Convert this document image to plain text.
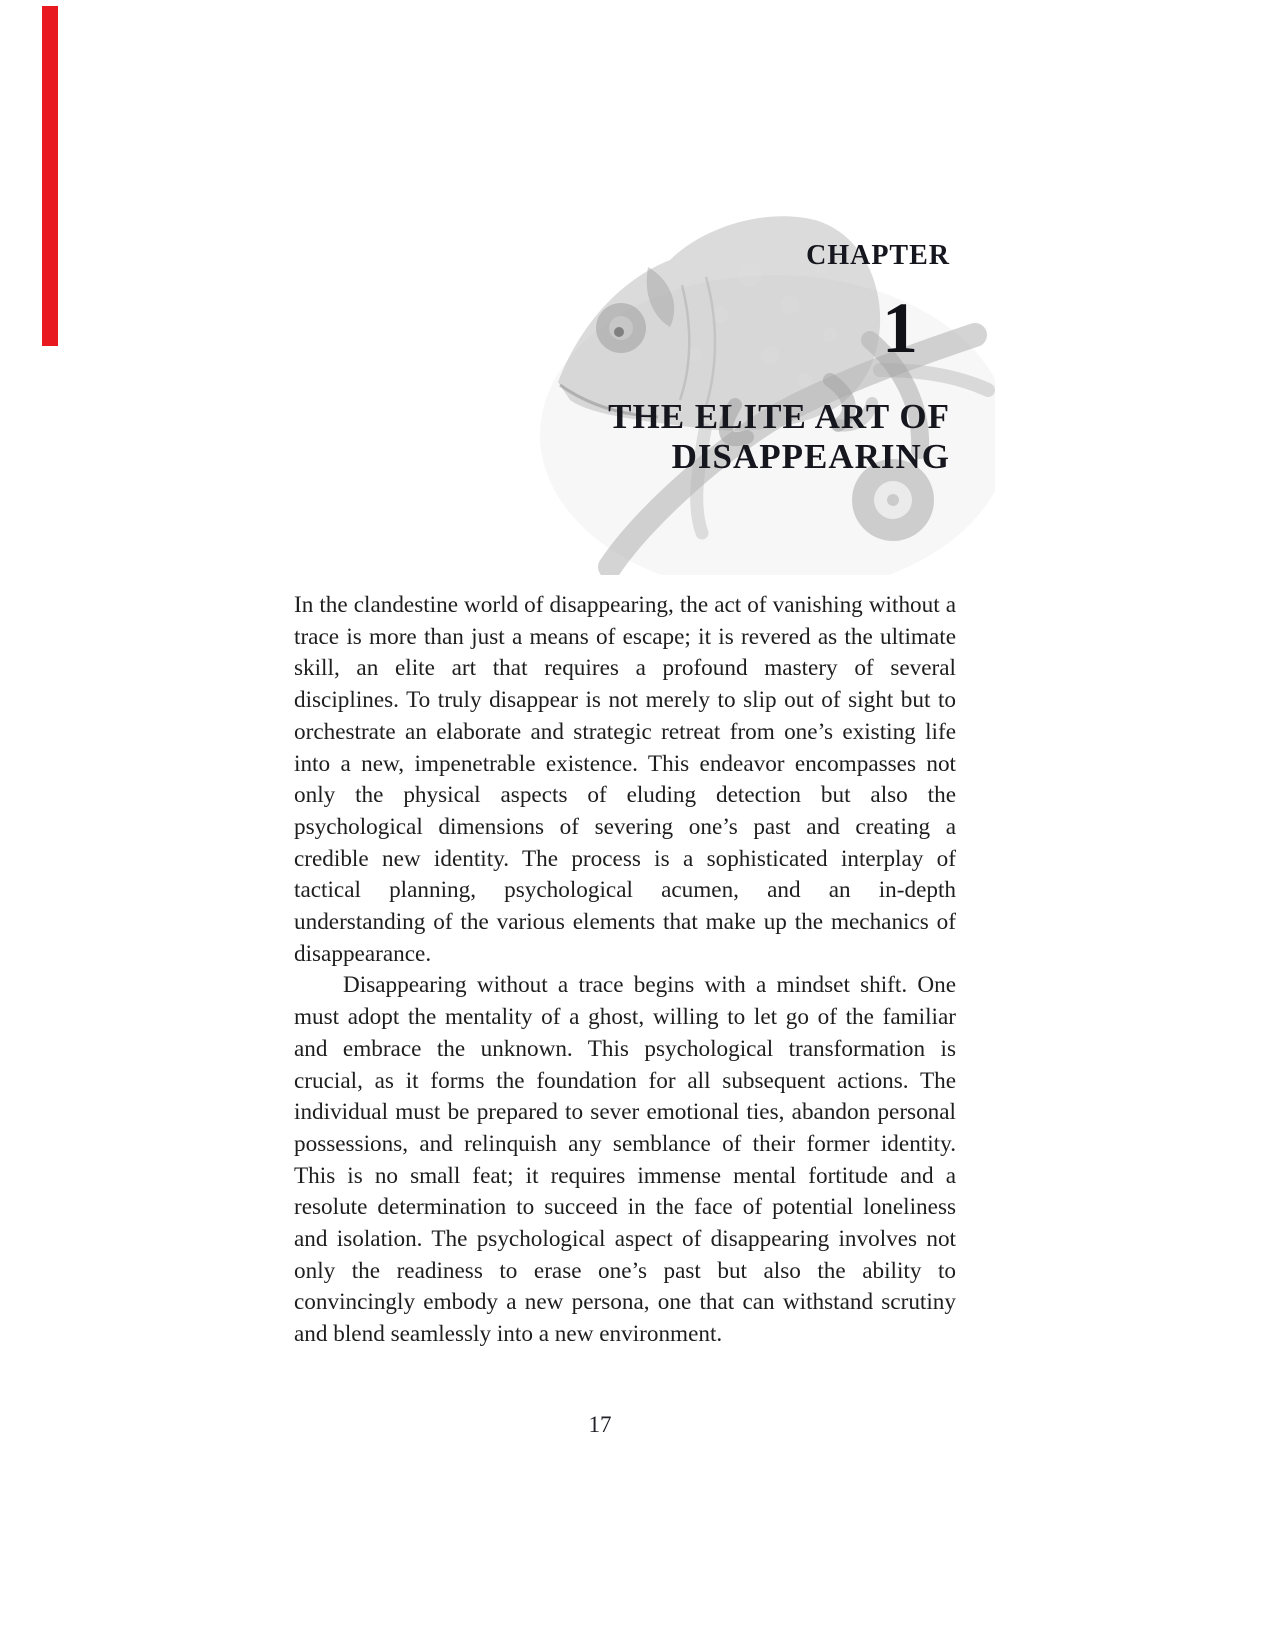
CHAPTER
1
THE ELITE ART OF
DISAPPEARING

In the clandestine world of disappearing, the act of vanishing without a trace is more than just a means of escape; it is revered as the ultimate skill, an elite art that requires a profound mastery of several disciplines. To truly disappear is not merely to slip out of sight but to orchestrate an elaborate and strategic retreat from one’s existing life into a new, impenetrable existence. This endeavor encompasses not only the physical aspects of eluding detection but also the psychological dimensions of severing one’s past and creating a credible new identity. The process is a sophisticated interplay of tactical planning, psychological acumen, and an in-depth understanding of the various elements that make up the mechanics of disappearance.

Disappearing without a trace begins with a mindset shift. One must adopt the mentality of a ghost, willing to let go of the familiar and embrace the unknown. This psychological transformation is crucial, as it forms the foundation for all subsequent actions. The individual must be prepared to sever emotional ties, abandon personal possessions, and relinquish any semblance of their former identity. This is no small feat; it requires immense mental fortitude and a resolute determination to succeed in the face of potential loneliness and isolation. The psychological aspect of disappearing involves not only the readiness to erase one’s past but also the ability to convincingly embody a new persona, one that can withstand scrutiny and blend seamlessly into a new environment.

17
